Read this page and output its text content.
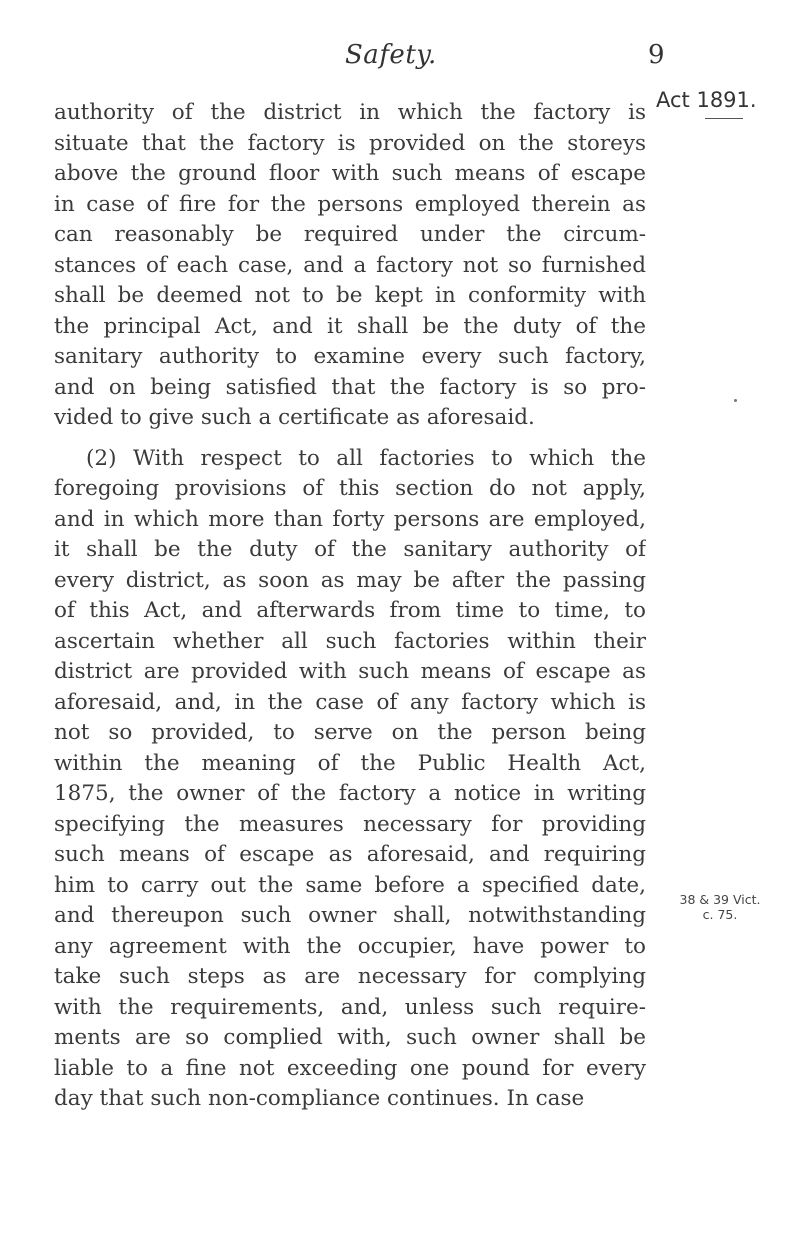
Safety.	9
Act 1891.
38 & 39 Vict.
c. 75.
authority of the district in which the factory is
situate that the factory is provided on the storeys
above the ground floor with such means of escape
in case of fire for the persons employed therein as
can reasonably be required under the circum-
stances of each case, and a factory not so furnished
shall be deemed not to be kept in conformity with
the principal Act, and it shall be the duty of the
sanitary authority to examine every such factory,
and on being satisfied that the factory is so pro-
vided to give such a certificate as aforesaid.
(2) With respect to all factories to which the
foregoing provisions of this section do not apply,
and in which more than forty persons are employed,
it shall be the duty of the sanitary authority of
every district, as soon as may be after the passing
of this Act, and afterwards from time to time, to
ascertain whether all such factories within their
district are provided with such means of escape as
aforesaid, and, in the case of any factory which is
not so provided, to serve on the person being
within the meaning of the Public Health Act,
1875, the owner of the factory a notice in writing
specifying the measures necessary for providing
such means of escape as aforesaid, and requiring
him to carry out the same before a specified date,
and thereupon such owner shall, notwithstanding
any agreement with the occupier, have power to
take such steps as are necessary for complying
with the requirements, and, unless such require-
ments are so complied with, such owner shall be
liable to a fine not exceeding one pound for every
day that such non-compliance continues. In case
